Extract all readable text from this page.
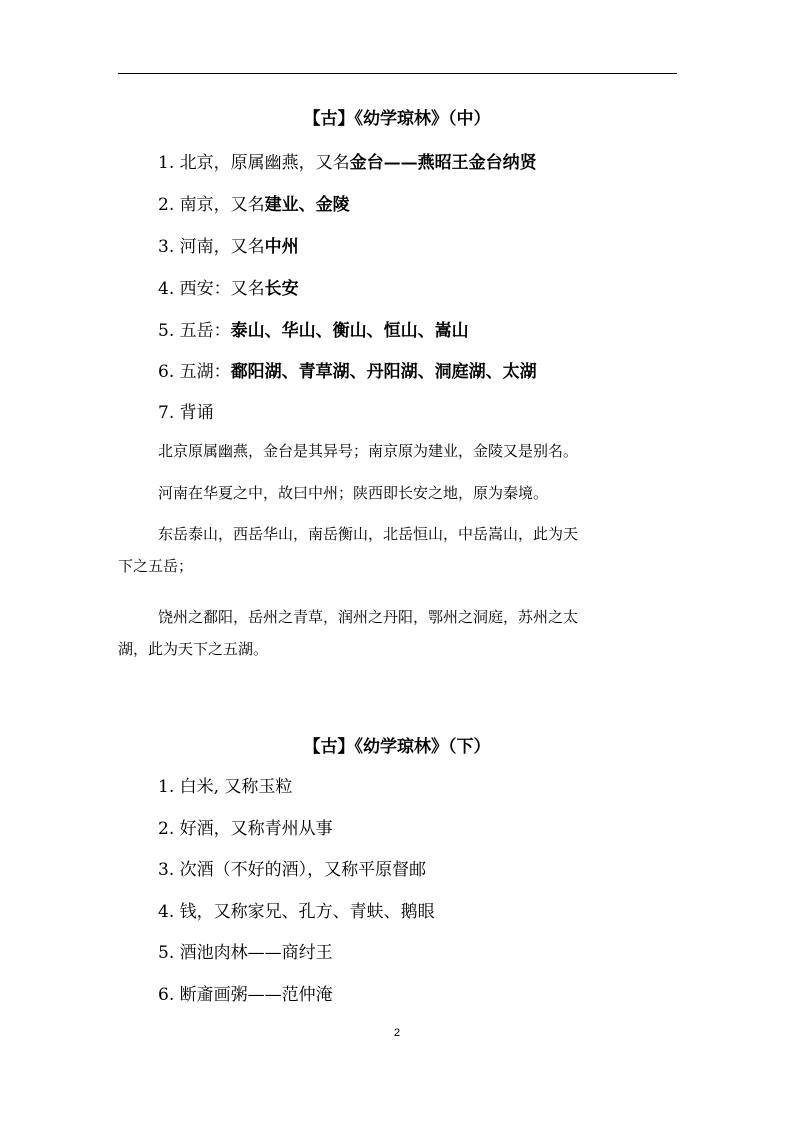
【古】《幼学琼林》（中）
1. 北京，原属幽燕，又名金台——燕昭王金台纳贤
2. 南京，又名建业、金陵
3. 河南，又名中州
4. 西安：又名长安
5. 五岳：泰山、华山、衡山、恒山、嵩山
6. 五湖：鄱阳湖、青草湖、丹阳湖、洞庭湖、太湖
7. 背诵
北京原属幽燕，金台是其异号；南京原为建业，金陵又是别名。
河南在华夏之中，故曰中州；陕西即长安之地，原为秦境。
东岳泰山，西岳华山，南岳衡山，北岳恒山，中岳嵩山，此为天
下之五岳；
饶州之鄱阳，岳州之青草，润州之丹阳，鄂州之洞庭，苏州之太
湖，此为天下之五湖。
【古】《幼学琼林》（下）
1. 白米, 又称玉粒
2. 好酒，又称青州从事
3. 次酒（不好的酒），又称平原督邮
4. 钱，又称家兄、孔方、青蚨、鹅眼
5. 酒池肉林——商纣王
6. 断齑画粥——范仲淹
2
